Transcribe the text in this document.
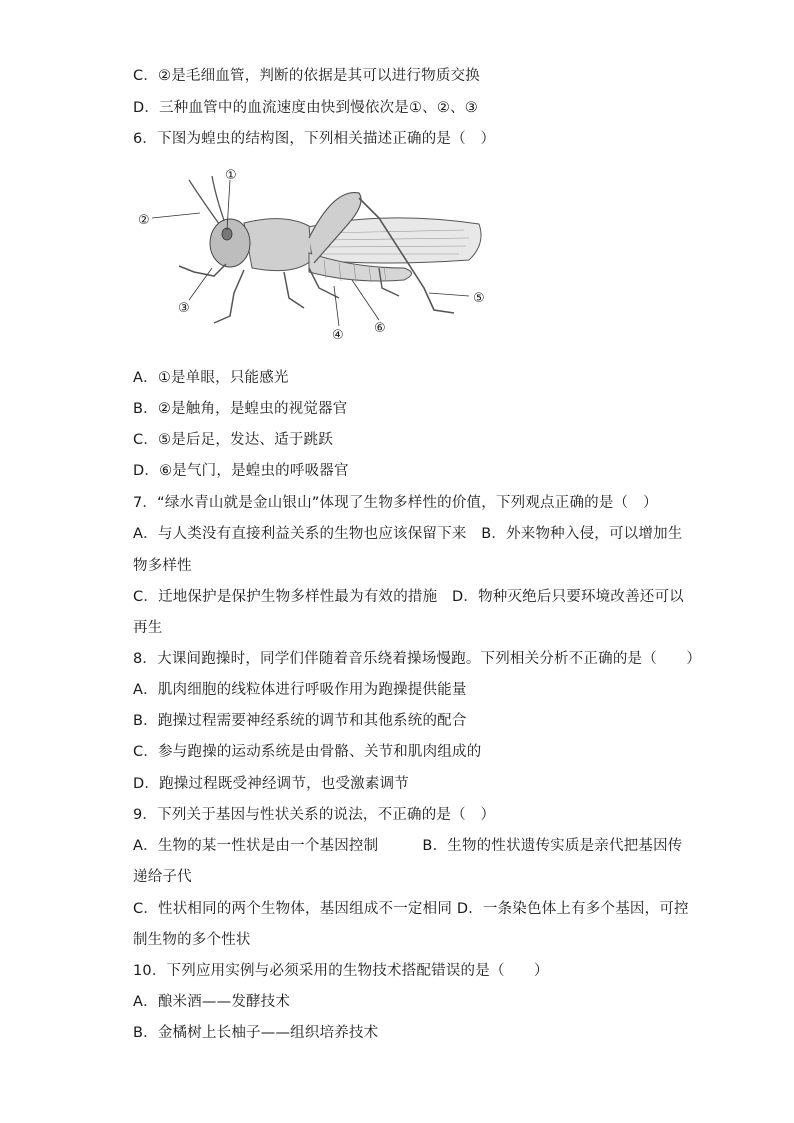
C．②是毛细血管，判断的依据是其可以进行物质交换
D．三种血管中的血流速度由快到慢依次是①、②、③
6．下图为蝗虫的结构图，下列相关描述正确的是（　）
①
②
③
④
⑤
⑥
A．①是单眼，只能感光
B．②是触角，是蝗虫的视觉器官
C．⑤是后足，发达、适于跳跃
D．⑥是气门，是蝗虫的呼吸器官
7．“绿水青山就是金山银山”体现了生物多样性的价值，下列观点正确的是（　）
A．与人类没有直接利益关系的生物也应该保留下来　B．外来物种入侵，可以增加生
物多样性
C．迁地保护是保护生物多样性最为有效的措施　D．物种灭绝后只要环境改善还可以
再生
8．大课间跑操时，同学们伴随着音乐绕着操场慢跑。下列相关分析不正确的是（　　）
A．肌肉细胞的线粒体进行呼吸作用为跑操提供能量
B．跑操过程需要神经系统的调节和其他系统的配合
C．参与跑操的运动系统是由骨骼、关节和肌肉组成的
D．跑操过程既受神经调节，也受激素调节
9．下列关于基因与性状关系的说法，不正确的是（　）
A．生物的某一性状是由一个基因控制　　　B．生物的性状遗传实质是亲代把基因传
递给子代
C．性状相同的两个生物体，基因组成不一定相同 D．一条染色体上有多个基因，可控
制生物的多个性状
10．下列应用实例与必须采用的生物技术搭配错误的是（　　）
A．酿米酒——发酵技术
B．金橘树上长柚子——组织培养技术
